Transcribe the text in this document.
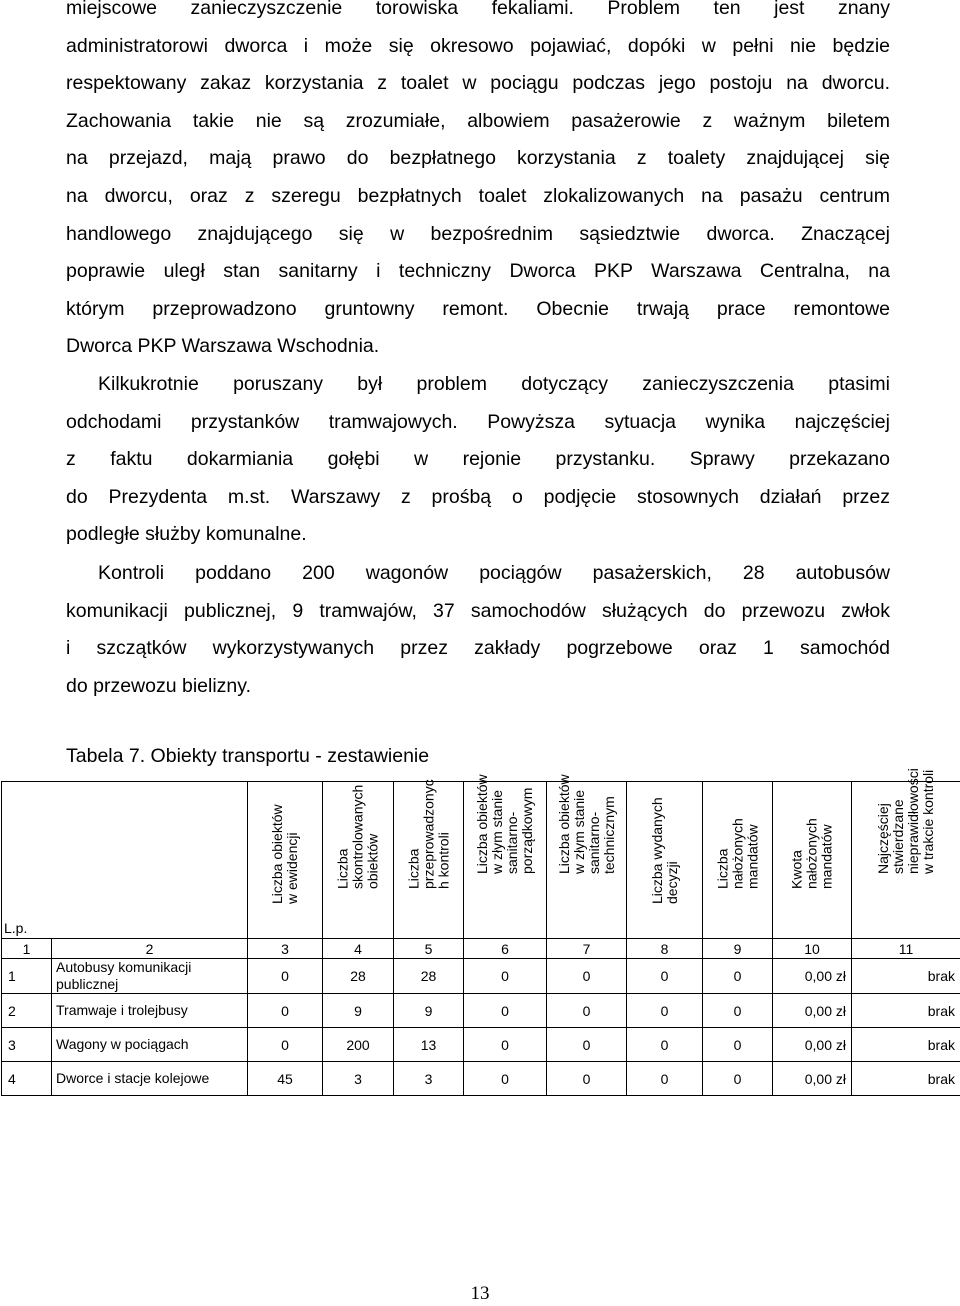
miejscowe zanieczyszczenie torowiska fekaliami. Problem ten jest znany
administratorowi dworca i może się okresowo pojawiać, dopóki w pełni nie będzie
respektowany zakaz korzystania z toalet w pociągu podczas jego postoju na dworcu.
Zachowania takie nie są zrozumiałe, albowiem pasażerowie z ważnym biletem
na przejazd, mają prawo do bezpłatnego korzystania z toalety znajdującej się
na dworcu, oraz z szeregu bezpłatnych toalet zlokalizowanych na pasażu centrum
handlowego znajdującego się w bezpośrednim sąsiedztwie dworca. Znaczącej
poprawie uległ stan sanitarny i techniczny Dworca PKP Warszawa Centralna, na
którym przeprowadzono gruntowny remont. Obecnie trwają prace remontowe
Dworca PKP Warszawa Wschodnia.
Kilkukrotnie poruszany był problem dotyczący zanieczyszczenia ptasimi
odchodami przystanków tramwajowych. Powyższa sytuacja wynika najczęściej
z faktu dokarmiania gołębi w rejonie przystanku. Sprawy przekazano
do Prezydenta m.st. Warszawy z prośbą o podjęcie stosownych działań przez
podległe służby komunalne.
Kontroli poddano 200 wagonów pociągów pasażerskich, 28 autobusów
komunikacji publicznej, 9 tramwajów, 37 samochodów służących do przewozu zwłok
i szczątków wykorzystywanych przez zakłady pogrzebowe oraz 1 samochód
do przewozu bielizny.

Tabela 7. Obiekty transportu - zestawienie

L.p.		Liczba obiektów
w ewidencji	Liczba
skontrolowanych
obiektów	Liczba
przeprowadzonyc
h kontroli	Liczba obiektów
w złym stanie
sanitarno-
porządkowym	Liczba obiektów
w złym stanie
sanitarno-
technicznym	Liczba wydanych
decyzji	Liczba
nałożonych
mandatów	Kwota
nałożonych
mandatów	Najczęściej
stwierdzane
nieprawidłowości
w trakcie kontroli

1	2	3	4	5	6	7	8	9	10	11
1	Autobusy komunikacji
publicznej	0	28	28	0	0	0	0	0,00 zł	brak
2	Tramwaje i trolejbusy	0	9	9	0	0	0	0	0,00 zł	brak
3	Wagony w pociągach	0	200	13	0	0	0	0	0,00 zł	brak
4	Dworce i stacje kolejowe	45	3	3	0	0	0	0	0,00 zł	brak
13
